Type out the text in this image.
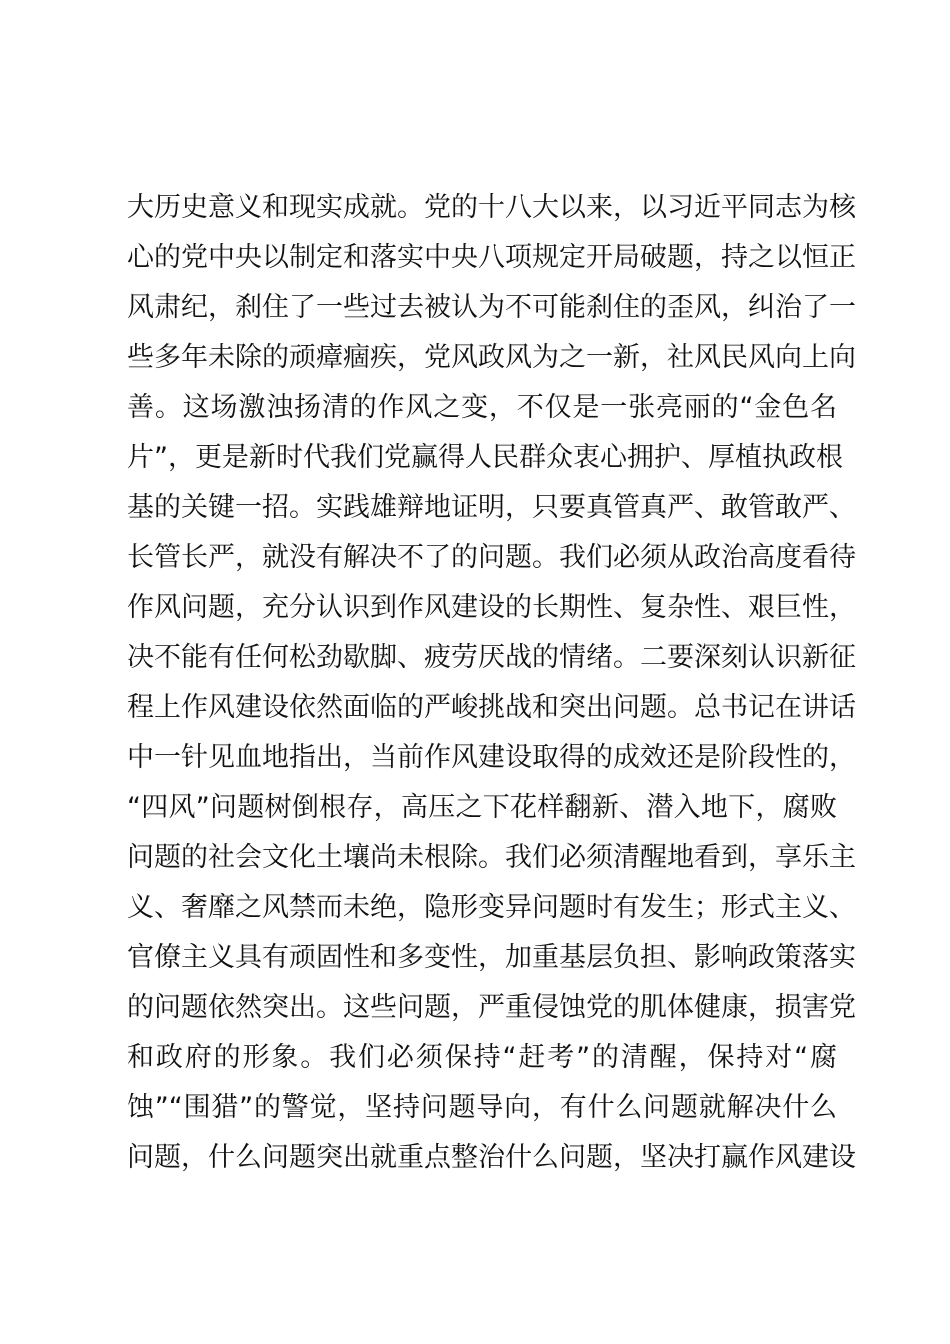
大历史意义和现实成就。党的十八大以来，以习近平同志为核
心的党中央以制定和落实中央八项规定开局破题，持之以恒正
风肃纪，刹住了一些过去被认为不可能刹住的歪风，纠治了一
些多年未除的顽瘴痼疾，党风政风为之一新，社风民风向上向
善。这场激浊扬清的作风之变，不仅是一张亮丽的“金色名
片”，更是新时代我们党赢得人民群众衷心拥护、厚植执政根
基的关键一招。实践雄辩地证明，只要真管真严、敢管敢严、
长管长严，就没有解决不了的问题。我们必须从政治高度看待
作风问题，充分认识到作风建设的长期性、复杂性、艰巨性，
决不能有任何松劲歇脚、疲劳厌战的情绪。二要深刻认识新征
程上作风建设依然面临的严峻挑战和突出问题。总书记在讲话
中一针见血地指出，当前作风建设取得的成效还是阶段性的，
“四风”问题树倒根存，高压之下花样翻新、潜入地下，腐败
问题的社会文化土壤尚未根除。我们必须清醒地看到，享乐主
义、奢靡之风禁而未绝，隐形变异问题时有发生；形式主义、
官僚主义具有顽固性和多变性，加重基层负担、影响政策落实
的问题依然突出。这些问题，严重侵蚀党的肌体健康，损害党
和政府的形象。我们必须保持“赶考”的清醒，保持对“腐
蚀”“围猎”的警觉，坚持问题导向，有什么问题就解决什么
问题，什么问题突出就重点整治什么问题，坚决打赢作风建设
